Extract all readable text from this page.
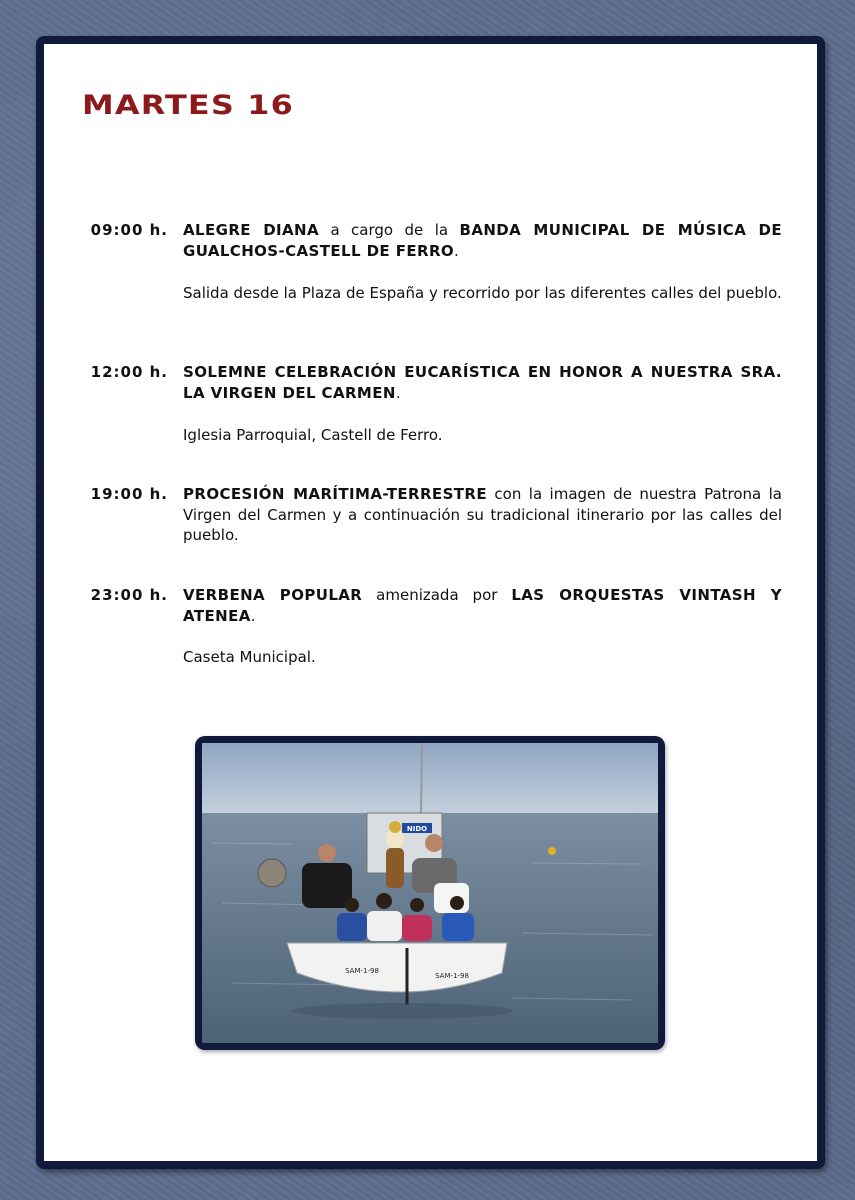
MARTES 16
09:00 h. ALEGRE DIANA a cargo de la BANDA MUNICIPAL DE MÚSICA DE GUALCHOS-CASTELL DE FERRO.

Salida desde la Plaza de España y recorrido por las diferentes calles del pueblo.

12:00 h. SOLEMNE CELEBRACIÓN EUCARÍSTICA EN HONOR A NUESTRA SRA. LA VIRGEN DEL CARMEN.

Iglesia Parroquial, Castell de Ferro.

19:00 h. PROCESIÓN MARÍTIMA-TERRESTRE con la imagen de nuestra Patrona la Virgen del Carmen y a continuación su tradicional itinerario por las calles del pueblo.

23:00 h. VERBENA POPULAR amenizada por LAS ORQUESTAS VINTASH Y ATENEA.

Caseta Municipal.

NIDO
SAM-1-98
SAM-1-98
